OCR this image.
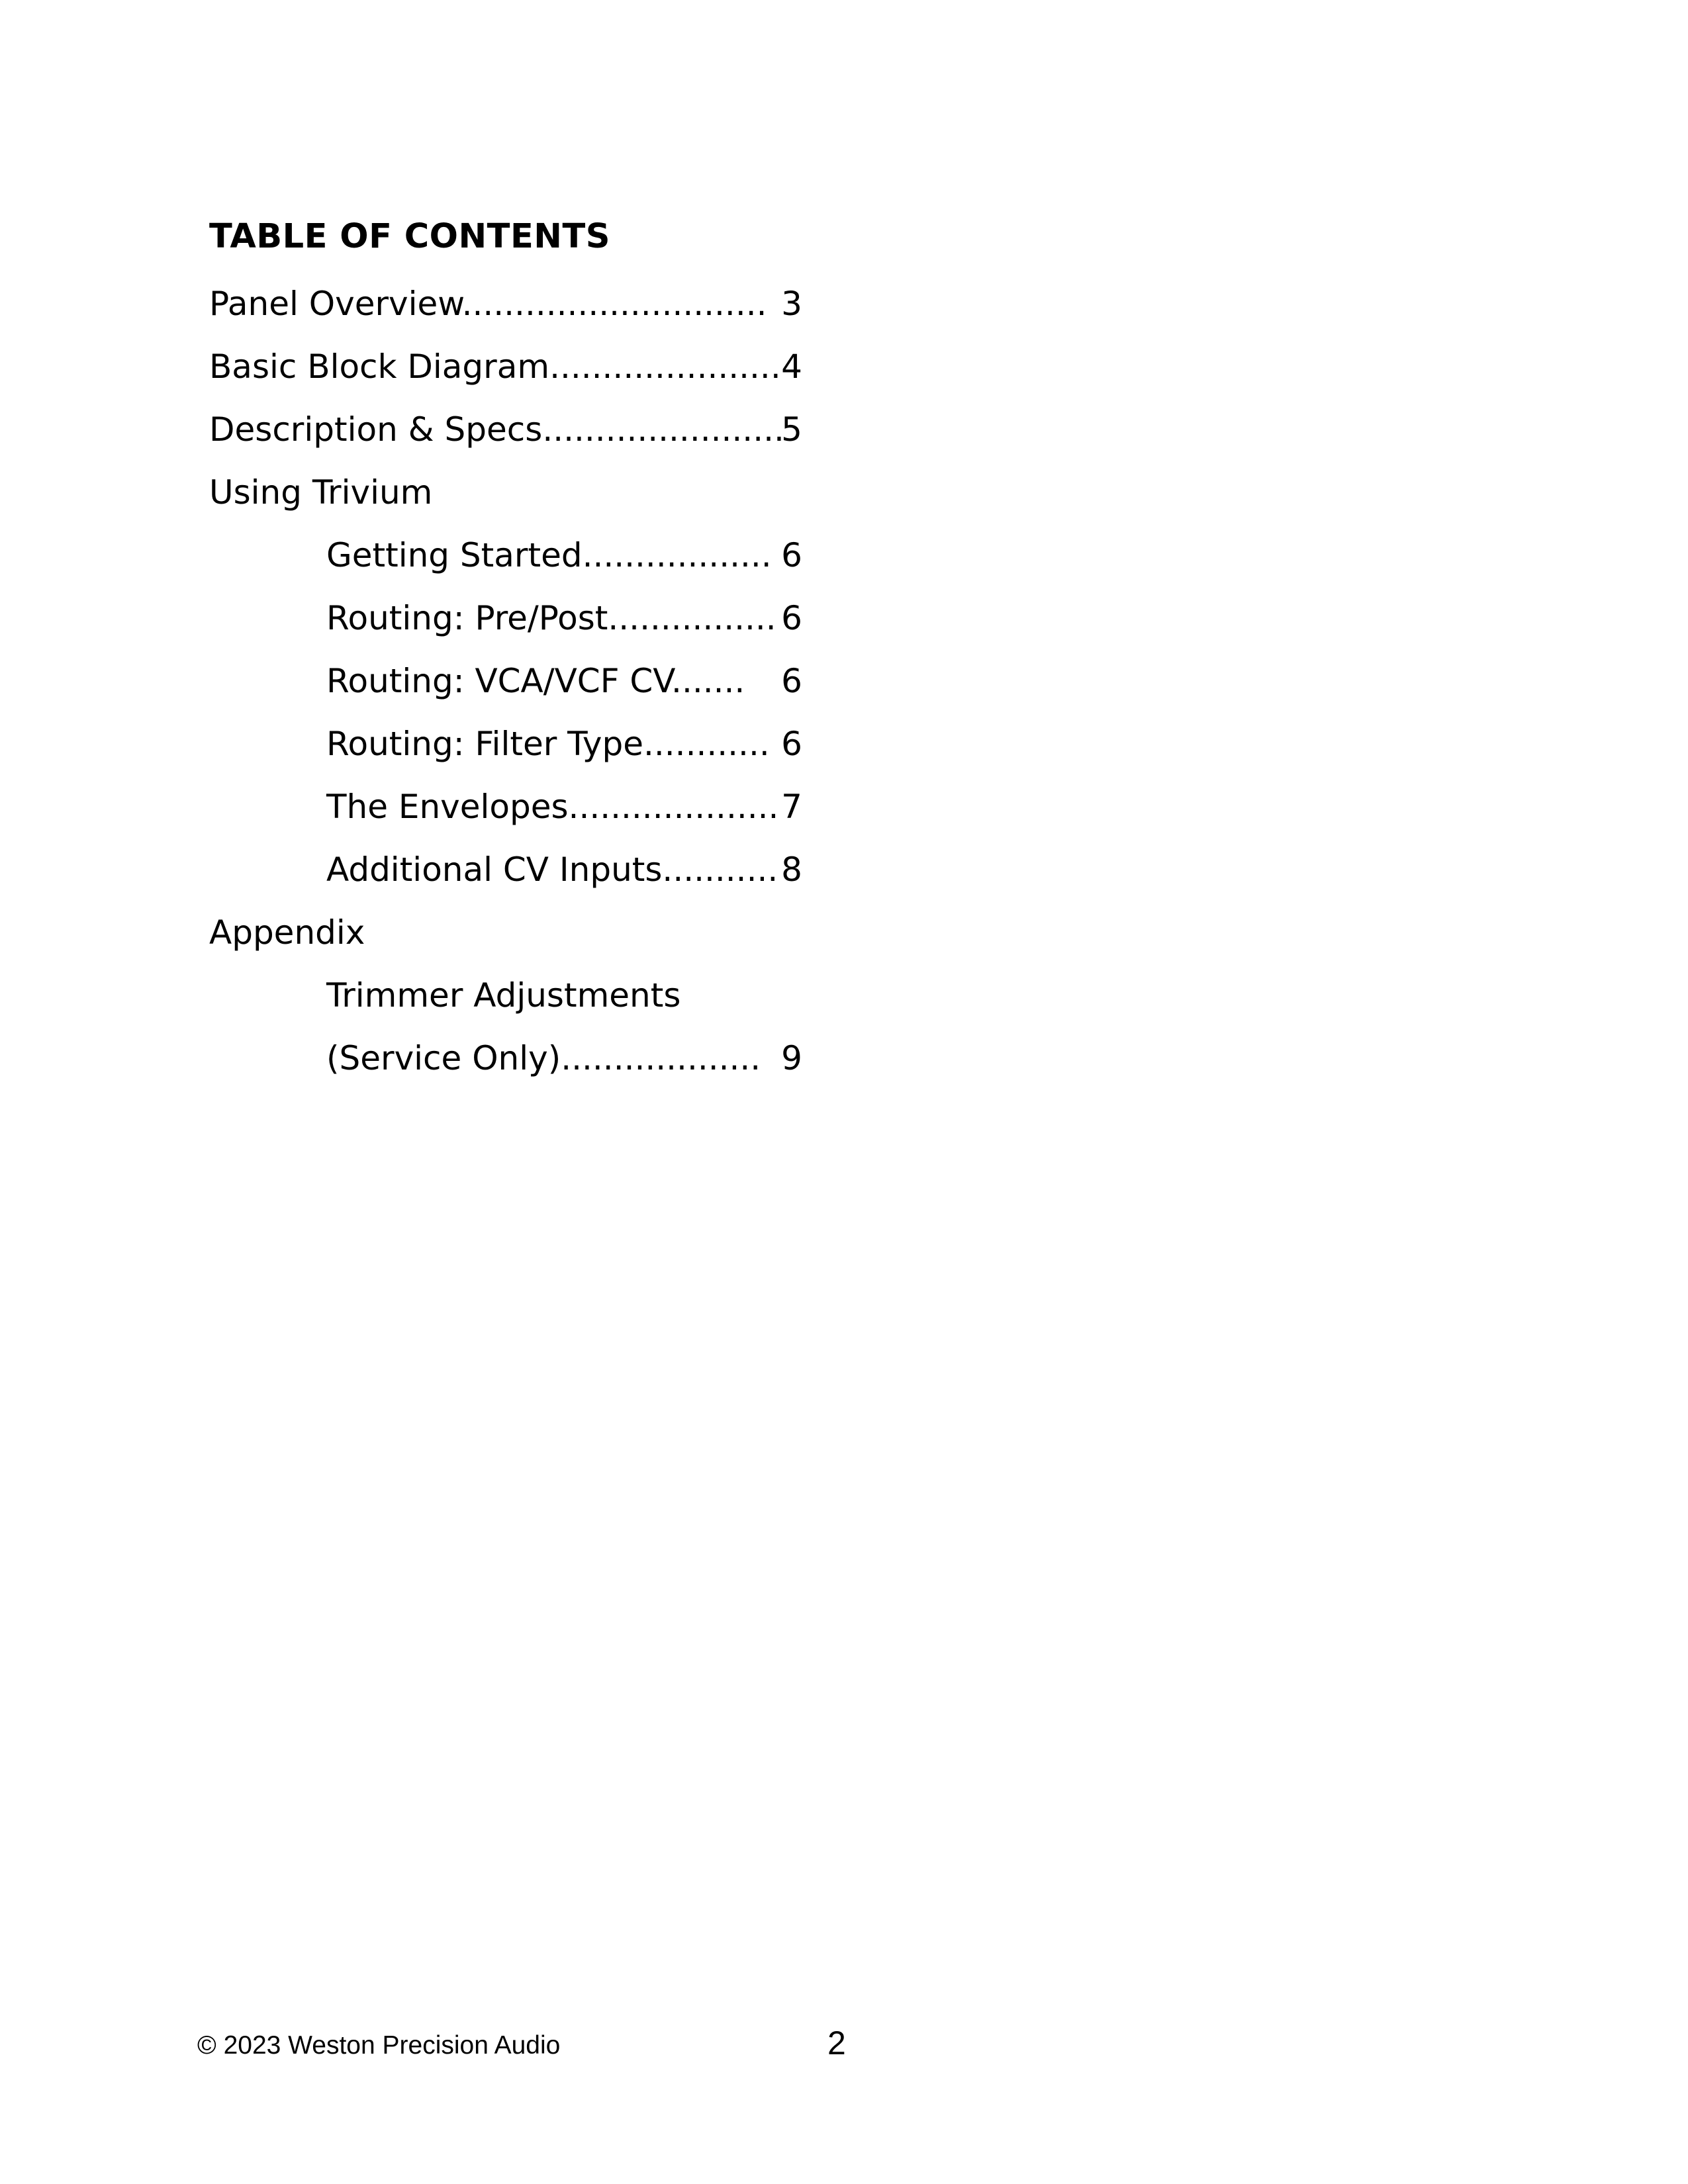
TABLE OF CONTENTS
Panel Overview............................. 3
Basic Block Diagram...................... 4
Description & Specs.......................
5
Using Trivium
Getting Started.................. 6
Routing: Pre/Post................ 6
Routing: VCA/VCF CV....... 6
Routing: Filter Type............ 6
The Envelopes.................... 7
Additional CV Inputs........... 8
Appendix
Trimmer Adjustments
(Service Only)................... 9
© 2023 Weston Precision Audio	2
